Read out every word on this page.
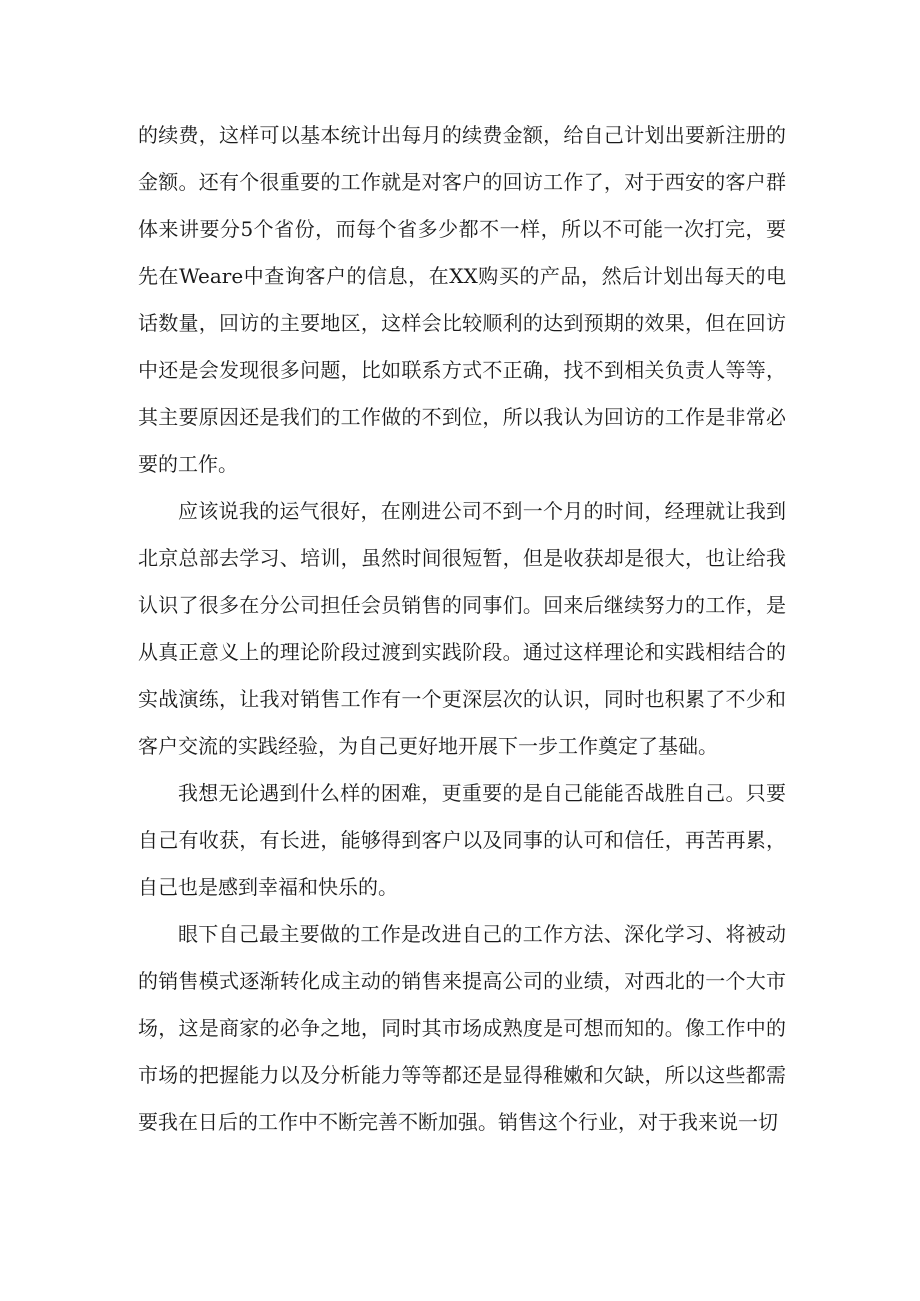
的续费，这样可以基本统计出每月的续费金额，给自己计划出要新注册的金额。还有个很重要的工作就是对客户的回访工作了，对于西安的客户群体来讲要分5个省份，而每个省多少都不一样，所以不可能一次打完，要先在Weare中查询客户的信息，在XX购买的产品，然后计划出每天的电话数量，回访的主要地区，这样会比较顺利的达到预期的效果，但在回访中还是会发现很多问题，比如联系方式不正确，找不到相关负责人等等，其主要原因还是我们的工作做的不到位，所以我认为回访的工作是非常必要的工作。

应该说我的运气很好，在刚进公司不到一个月的时间，经理就让我到北京总部去学习、培训，虽然时间很短暂，但是收获却是很大，也让给我认识了很多在分公司担任会员销售的同事们。回来后继续努力的工作，是从真正意义上的理论阶段过渡到实践阶段。通过这样理论和实践相结合的实战演练，让我对销售工作有一个更深层次的认识，同时也积累了不少和客户交流的实践经验，为自己更好地开展下一步工作奠定了基础。

我想无论遇到什么样的困难，更重要的是自己能能否战胜自己。只要自己有收获，有长进，能够得到客户以及同事的认可和信任，再苦再累，自己也是感到幸福和快乐的。

眼下自己最主要做的工作是改进自己的工作方法、深化学习、将被动的销售模式逐渐转化成主动的销售来提高公司的业绩，对西北的一个大市场，这是商家的必争之地，同时其市场成熟度是可想而知的。像工作中的市场的把握能力以及分析能力等等都还是显得稚嫩和欠缺，所以这些都需要我在日后的工作中不断完善不断加强。销售这个行业，对于我来说一切
